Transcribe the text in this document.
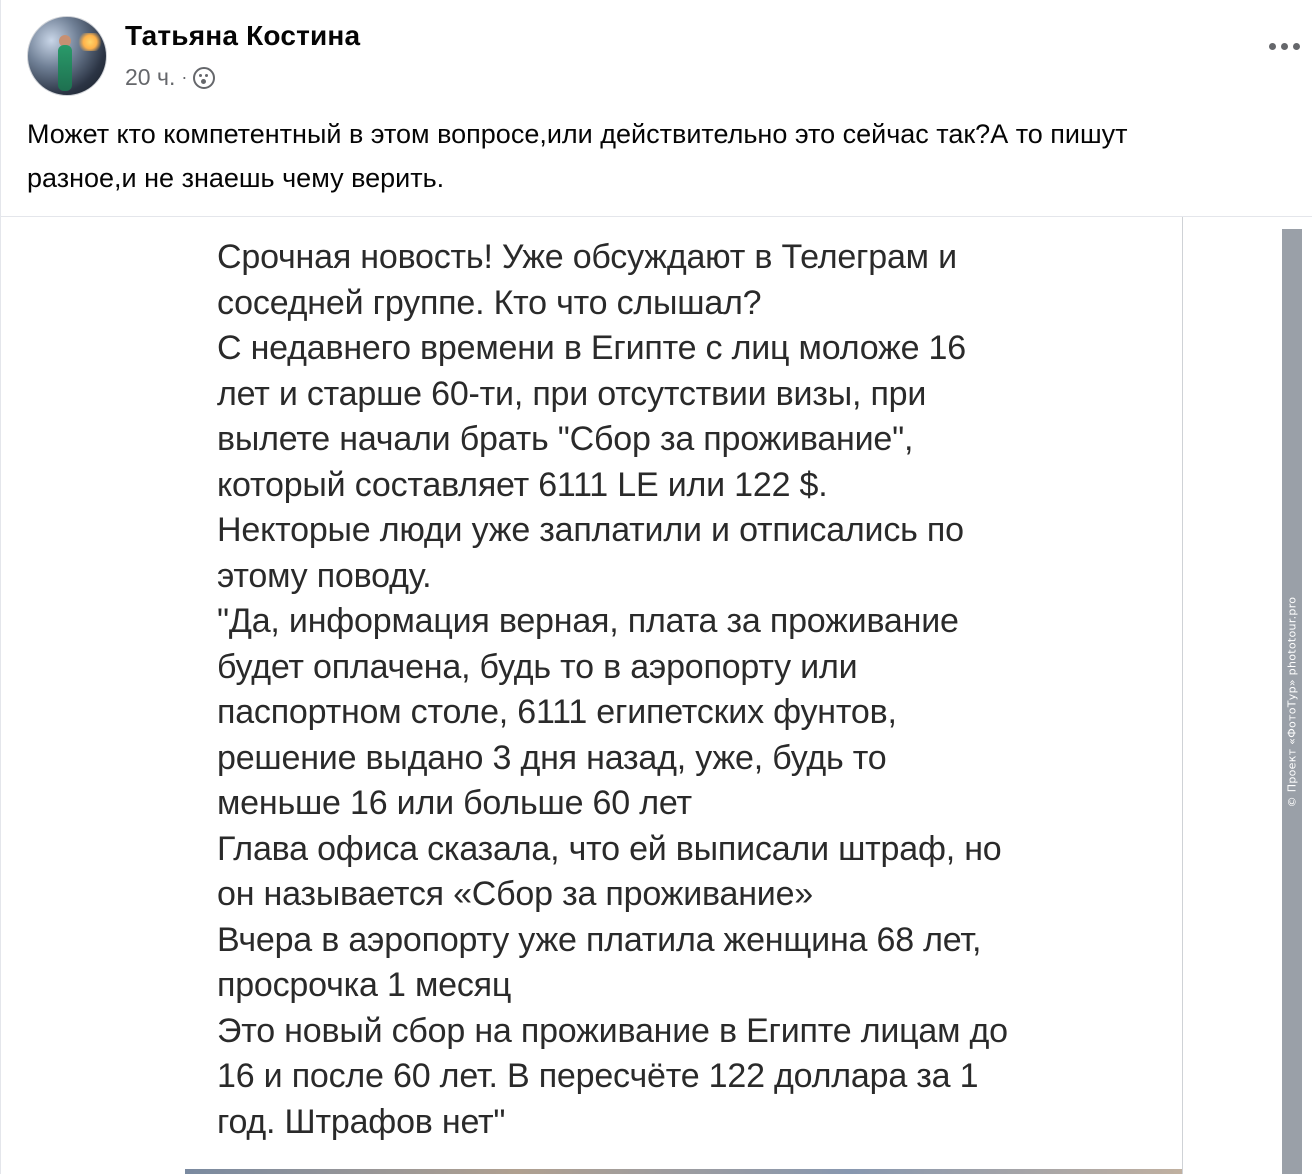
Татьяна Костина
20 ч. ·
Может кто компетентный в этом вопросе,или действительно это сейчас так?А то пишут
разное,и не знаешь чему верить.

Срочная новость! Уже обсуждают в Телеграм и

соседней группе. Кто что слышал?

С недавнего времени в Египте с лиц моложе 16

лет и старше 60-ти, при отсутствии визы, при

вылете начали брать "Сбор за проживание",

который составляет 6111 LE или 122 $.

Некторые люди уже заплатили и отписались по

этому поводу.

"Да, информация верная, плата за проживание

будет оплачена, будь то в аэропорту или

паспортном столе, 6111 египетских фунтов,

решение выдано 3 дня назад, уже, будь то

меньше 16 или больше 60 лет

Глава офиса сказала, что ей выписали штраф, но

он называется «Сбор за проживание»

Вчера в аэропорту уже платила женщина 68 лет,

просрочка 1 месяц

Это новый сбор на проживание в Египте лицам до

16 и после 60 лет. В пересчёте 122 доллара за 1

год. Штрафов нет"

© Проект «ФотоТур» phototour.pro
